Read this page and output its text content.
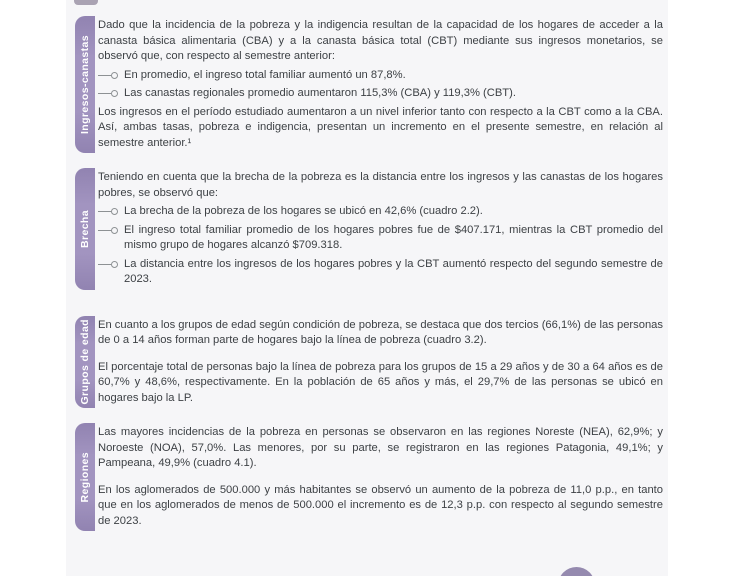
Ingresos-canastas

Dado que la incidencia de la pobreza y la indigencia resultan de la capacidad de los hogares de acceder a la canasta básica alimentaria (CBA) y a la canasta básica total (CBT) mediante sus ingresos monetarios, se observó que, con respecto al semestre anterior:

En promedio, el ingreso total familiar aumentó un 87,8%.

Las canastas regionales promedio aumentaron 115,3% (CBA) y 119,3% (CBT).

Los ingresos en el período estudiado aumentaron a un nivel inferior tanto con respecto a la CBT como a la CBA. Así, ambas tasas, pobreza e indigencia, presentan un incremento en el presente semestre, en relación al semestre anterior.¹

Brecha

Teniendo en cuenta que la brecha de la pobreza es la distancia entre los ingresos y las canastas de los hogares pobres, se observó que:

La brecha de la pobreza de los hogares se ubicó en 42,6% (cuadro 2.2).

El ingreso total familiar promedio de los hogares pobres fue de $407.171, mientras la CBT promedio del mismo grupo de hogares alcanzó $709.318.

La distancia entre los ingresos de los hogares pobres y la CBT aumentó respecto del segundo semestre de 2023.

Grupos de edad En cuanto a los grupos de edad según condición de pobreza, se destaca que dos tercios (66,1%) de las personas de 0 a 14 años forman parte de hogares bajo la línea de pobreza (cuadro 3.2).

El porcentaje total de personas bajo la línea de pobreza para los grupos de 15 a 29 años y de 30 a 64 años es de 60,7% y 48,6%, respectivamente. En la población de 65 años y más, el 29,7% de las personas se ubicó en hogares bajo la LP.

Regiones

Las mayores incidencias de la pobreza en personas se observaron en las regiones Noreste (NEA), 62,9%; y Noroeste (NOA), 57,0%. Las menores, por su parte, se registraron en las regiones Patagonia, 49,1%; y Pampeana, 49,9% (cuadro 4.1).

En los aglomerados de 500.000 y más habitantes se observó un aumento de la pobreza de 11,0 p.p., en tanto que en los aglomerados de menos de 500.000 el incremento es de 12,3 p.p. con respecto al segundo semestre de 2023.
